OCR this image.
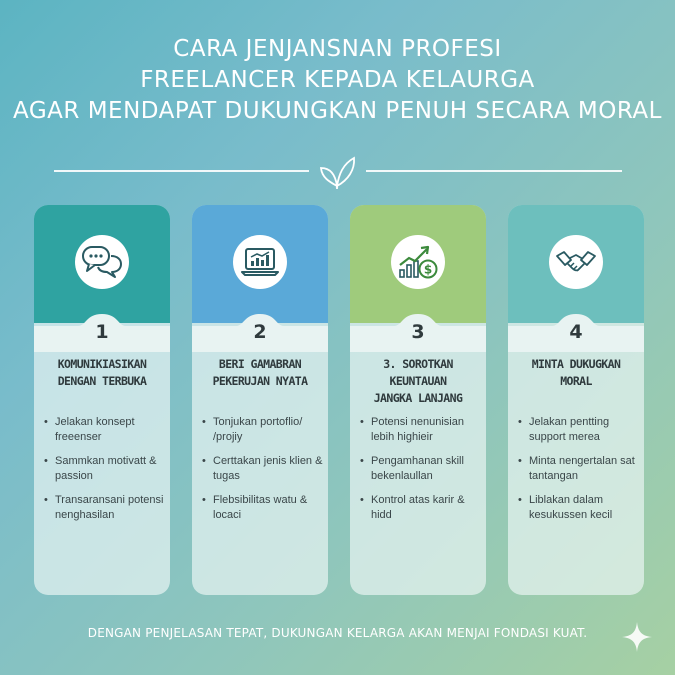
CARA JENJANSNAN PROFESI
FREELANCER KEPADA KELAURGA
AGAR MENDAPAT DUKUNGKAN PENUH SECARA MORAL
1
KOMUNIKIASIKAN
DENGAN TERBUKA
• Jelakan konsept freeenser
• Sammkan motivatt & passion
• Transaransani potensi nenghasilan
2
BERI GAMABRAN
PEKERUJAN NYATA
• Tonjukan portoflio/ /projiy
• Certtakan jenis klien & tugas
• Flebsibilitas watu & locaci
$
3
3. SOROTKAN KEUNTAUAN
JANGKA LANJANG
• Potensi nenunisian lebih highieir
• Pengamhanan skill bekenlaullan
• Kontrol atas karir & hidd
4
MINTA DUKUGKAN
MORAL
• Jelakan pentting support merea
• Minta nengertalan sat tantangan
• Liblakan dalam kesukussen kecil
DENGAN PENJELASAN TEPAT, DUKUNGAN KELARGA AKAN MENJAI FONDASI KUAT.
